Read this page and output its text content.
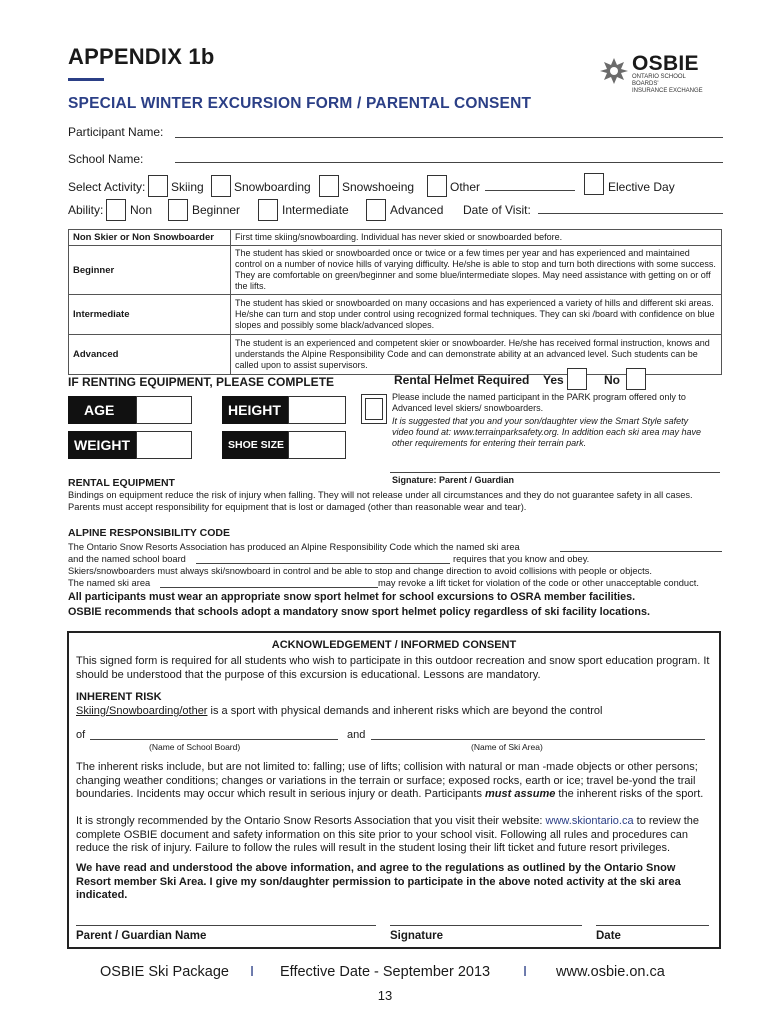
APPENDIX 1b	OSBIE
ONTARIO SCHOOL BOARDS'
INSURANCE EXCHANGE
SPECIAL WINTER EXCURSION FORM / PARENTAL CONSENT
Participant Name:
School Name:
Select Activity: Skiing	Snowboarding	Snowshoeing	Other	Elective Day
Ability: Non	Beginner	Intermediate	Advanced Date of Visit:
Non Skier or Non Snowboarder	First time skiing/snowboarding. Individual has never skied or snowboarded before.
Beginner	The student has skied or snowboarded once or twice or a few times per year and has experienced and maintained control on a number of novice hills of varying difficulty. He/she is able to stop and turn both directions with some success. They are comfortable on green/beginner and some blue/intermediate slopes. May need assistance with getting on or off the lifts.
Intermediate	The student has skied or snowboarded on many occasions and has experienced a variety of hills and different ski areas. He/she can turn and stop under control using recognized formal techniques. They can ski /board with confidence on blue slopes and possibly some black/advanced slopes.
Advanced	The student is an experienced and competent skier or snowboarder. He/she has received formal instruction, knows and understands the Alpine Responsibility Code and can demonstrate ability at an advanced level. Such students can be called upon to assist supervisors.
IF RENTING EQUIPMENT, PLEASE COMPLETE
AGE	HEIGHT
WEIGHT	SHOE SIZE
Rental Helmet Required Yes	No
Please include the named participant in the PARK program offered only to Advanced level skiers/ snowboarders.
It is suggested that you and your son/daughter view the Smart Style safety video found at: www.terrainparksafety.org. In addition each ski area may have other requirements for entering their terrain park.
Signature: Parent / Guardian
RENTAL EQUIPMENT
Bindings on equipment reduce the risk of injury when falling. They will not release under all circumstances and they do not guarantee safety in all cases. Parents must accept responsibility for equipment that is lost or damaged (other than reasonable wear and tear).
ALPINE RESPONSIBILITY CODE
The Ontario Snow Resorts Association has produced an Alpine Responsibility Code which the named ski area
and the named school board	requires that you know and obey.
Skiers/snowboarders must always ski/snowboard in control and be able to stop and change direction to avoid collisions with people or objects.
The named ski area	may revoke a lift ticket for violation of the code or other unacceptable conduct.
All participants must wear an appropriate snow sport helmet for school excursions to OSRA member facilities.
OSBIE recommends that schools adopt a mandatory snow sport helmet policy regardless of ski facility locations.
ACKNOWLEDGEMENT / INFORMED CONSENT
This signed form is required for all students who wish to participate in this outdoor recreation and snow sport education program. It should be understood that the purpose of this excursion is educational. Lessons are mandatory.
INHERENT RISK
Skiing/Snowboarding/other is a sport with physical demands and inherent risks which are beyond the control
of	and
(Name of School Board)	(Name of Ski Area)
The inherent risks include, but are not limited to: falling; use of lifts; collision with natural or man -made objects or other persons; changing weather conditions; changes or variations in the terrain or surface; exposed rocks, earth or ice; travel be-yond the trail boundaries. Incidents may occur which result in serious injury or death. Participants must assume the inherent risks of the sport.
It is strongly recommended by the Ontario Snow Resorts Association that you visit their website: www.skiontario.ca to review the complete OSBIE document and safety information on this site prior to your school visit. Following all rules and procedures can reduce the risk of injury. Failure to follow the rules will result in the student losing their lift ticket and future resort privileges.
We have read and understood the above information, and agree to the regulations as outlined by the Ontario Snow Resort member Ski Area. I give my son/daughter permission to participate in the above noted activity at the ski area indicated.
Parent / Guardian Name	Signature	Date
OSBIE Ski Package I Effective Date - September 2013 I www.osbie.on.ca
13
